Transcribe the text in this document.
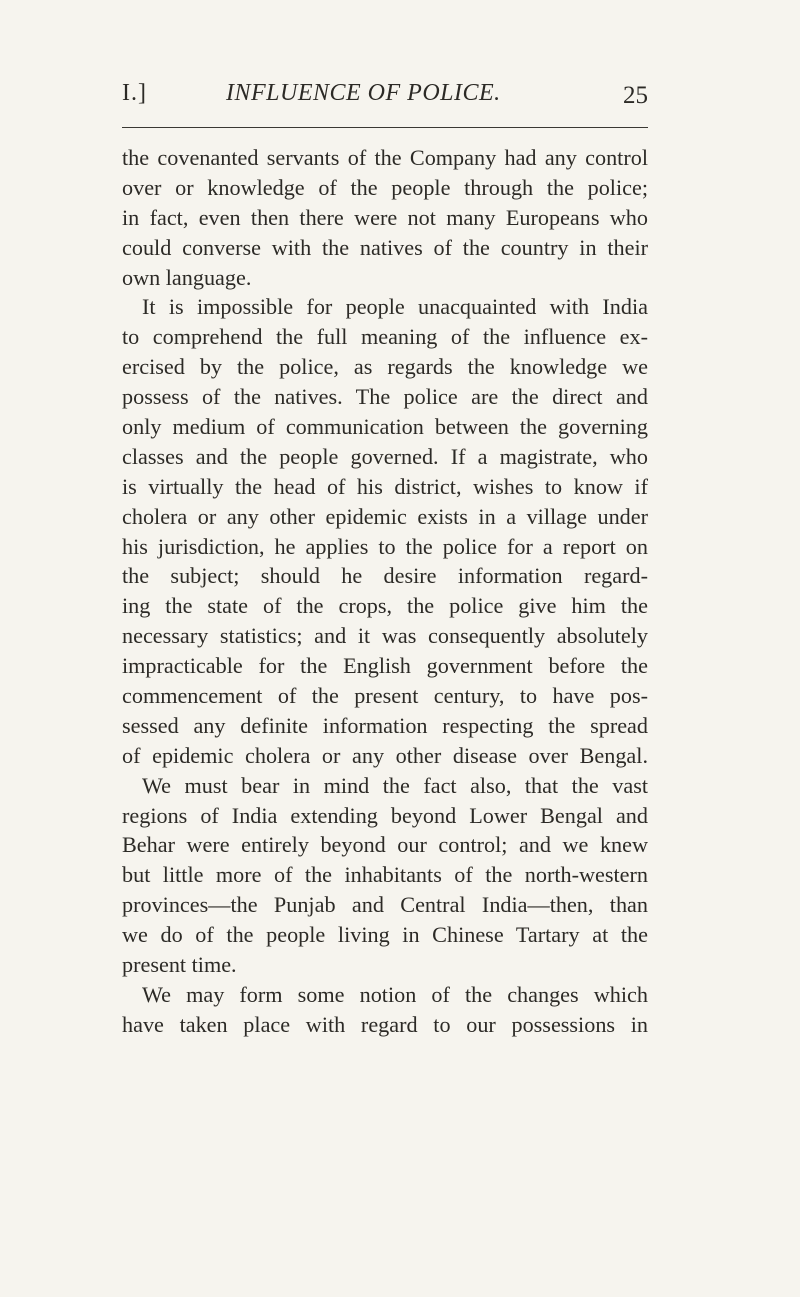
I.]	INFLUENCE OF POLICE.	25
the covenanted servants of the Company had any control
over or knowledge of the people through the police;
in fact, even then there were not many Europeans who
could converse with the natives of the country in their
own language.
It is impossible for people unacquainted with India
to comprehend the full meaning of the influence ex-
ercised by the police, as regards the knowledge we
possess of the natives. The police are the direct and
only medium of communication between the governing
classes and the people governed. If a magistrate, who
is virtually the head of his district, wishes to know if
cholera or any other epidemic exists in a village under
his jurisdiction, he applies to the police for a report on
the subject; should he desire information regard-
ing the state of the crops, the police give him the
necessary statistics; and it was consequently absolutely
impracticable for the English government before the
commencement of the present century, to have pos-
sessed any definite information respecting the spread
of epidemic cholera or any other disease over Bengal.
We must bear in mind the fact also, that the vast
regions of India extending beyond Lower Bengal and
Behar were entirely beyond our control; and we knew
but little more of the inhabitants of the north-western
provinces—the Punjab and Central India—then, than
we do of the people living in Chinese Tartary at the
present time.
We may form some notion of the changes which
have taken place with regard to our possessions in
